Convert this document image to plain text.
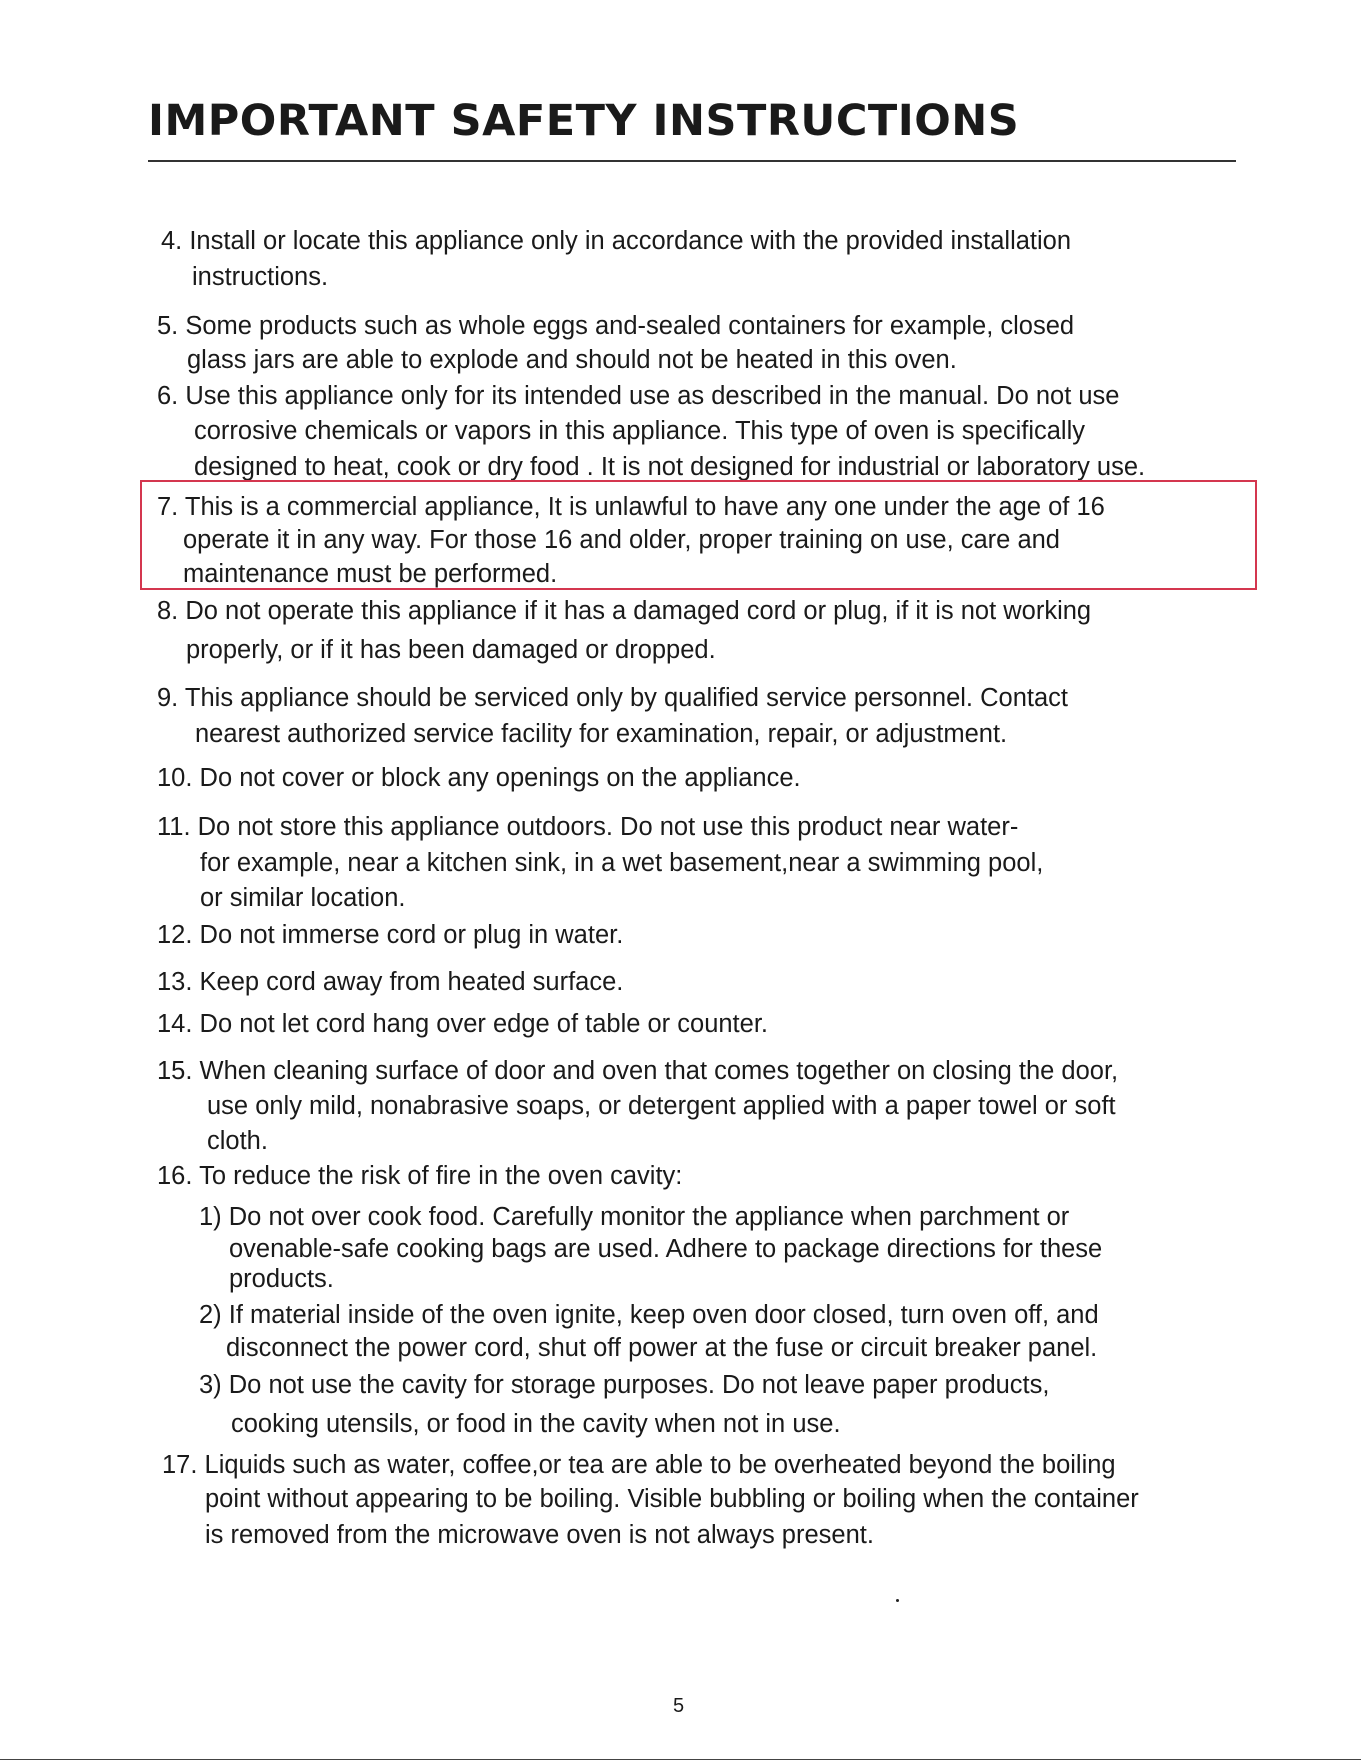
IMPORTANT SAFETY INSTRUCTIONS
4. Install or locate this appliance only in accordance with the provided installation
instructions.
5. Some products such as whole eggs and-sealed containers for example, closed
glass jars are able to explode and should not be heated in this oven.
6. Use this appliance only for its intended use as described in the manual. Do not use
corrosive chemicals or vapors in this appliance. This type of oven is specifically
designed to heat, cook or dry food . It is not designed for industrial or laboratory use.
7. This is a commercial appliance, It is unlawful to have any one under the age of 16
operate it in any way. For those 16 and older, proper training on use, care and
maintenance must be performed.
8. Do not operate this appliance if it has a damaged cord or plug, if it is not working
properly, or if it has been damaged or dropped.
9. This appliance should be serviced only by qualified service personnel. Contact
nearest authorized service facility for examination, repair, or adjustment.
10. Do not cover or block any openings on the appliance.
11. Do not store this appliance outdoors. Do not use this product near water-
for example, near a kitchen sink, in a wet basement,near a swimming pool,
or similar location.
12. Do not immerse cord or plug in water.
13. Keep cord away from heated surface.
14. Do not let cord hang over edge of table or counter.
15. When cleaning surface of door and oven that comes together on closing the door,
use only mild, nonabrasive soaps, or detergent applied with a paper towel or soft
cloth.
16. To reduce the risk of fire in the oven cavity:
1) Do not over cook food. Carefully monitor the appliance when parchment or
ovenable-safe cooking bags are used. Adhere to package directions for these
products.
2) If material inside of the oven ignite, keep oven door closed, turn oven off, and
disconnect the power cord, shut off power at the fuse or circuit breaker panel.
3) Do not use the cavity for storage purposes. Do not leave paper products,
cooking utensils, or food in the cavity when not in use.
17. Liquids such as water, coffee,or tea are able to be overheated beyond the boiling
point without appearing to be boiling. Visible bubbling or boiling when the container
is removed from the microwave oven is not always present.
5
